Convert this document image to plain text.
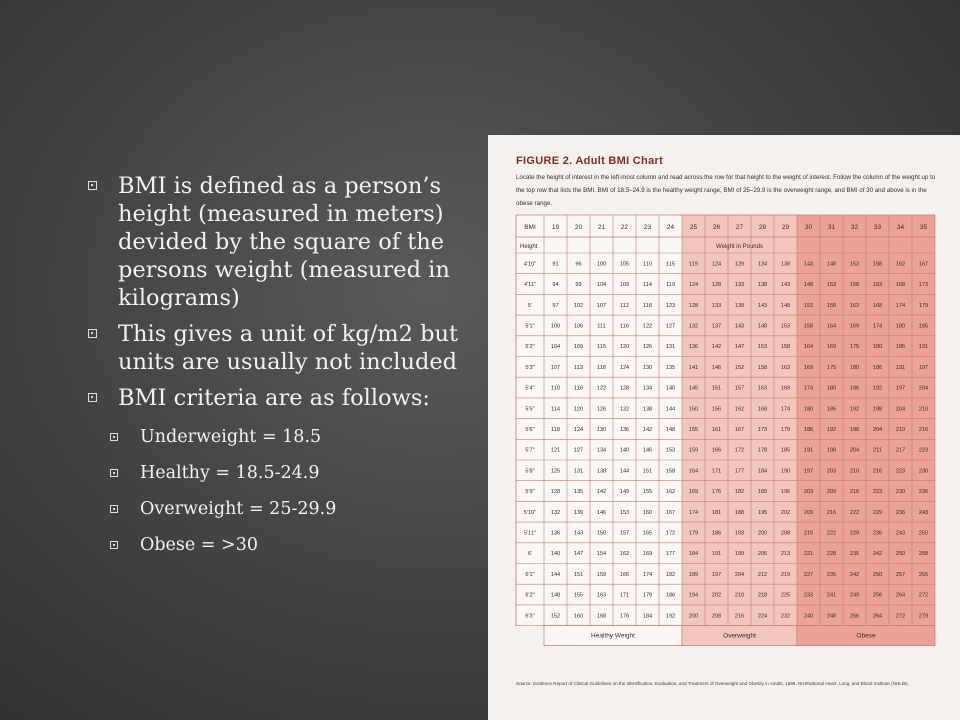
BMI is defined as a person’s height (measured in meters) devided by the square of the persons weight (measured in kilograms)
This gives a unit of kg/m2 but units are usually not included
BMI criteria are as follows:
Underweight = 18.5
Healthy = 18.5-24.9
Overweight = 25-29.9
Obese = >30
FIGURE 2. Adult BMI Chart
Locate the height of interest in the left-most column and read across the row for that height to the weight of interest. Follow the column of the weight up to the top row that lists the BMI. BMI of 18.5–24.9 is the healthy weight range, BMI of 25–29.9 is the overweight range, and BMI of 30 and above is in the obese range.
BMI 19 20 21 22 23 24 25 26 27 28 29 30 31 32 33 34 35
Height	Weight in Pounds
4'10"	91	96	100 105 110	115	119 124 129 134 138 143 148 153 158 162 167
4'11"	94	99	104 109 114	119 124 128 133 138 143 148 153 158 163 168 173
5'	97	102 107 112	118 123 128 133 138 143 148 153 158 163 168 174 179
5'1"	100 106	111	116 122 127 132 137 143 148 153 158 164 169 174 180 185
5'2"	104 109 115 120 126 131 136 142 147 153 158 164 169 175 180 186 191
5'3"	107 113	118 124 130 135 141 146 152 158 163 169 175 180 186 191 197
5'4"	110	116 122 128 134 140 145 151 157 163 169 174 180 186 192 197 204
5'5"	114 120 126 132 138 144 150 156 162 168 174 180 186 192 198 204 210
5'6"	118 124 130 136 142 148 155 161 167 173 179 186 192 198 204 210 216
5'7"	121 127 134 140 146 153 159 166 172 178 185 191 198 204 211 217 223
5'8"	125 131 138 144 151 158 164 171 177 184 190 197 203 210 216 223 230
5'9"	128 135 142 149 155 162 169 176 182 189 196 203 209 216 223 230 236
5'10"	132 139 146 153 160 167 174 181 188 195 202 209 216 222 229 236 243
5'11"	136 143 150 157 165 172 179 186 193 200 208 215 222 229 236 243 250
6'	140 147 154 162 169 177 184 191 199 206 213 221 228 235 242 250 258
6'1"	144 151 159 166 174 182 189 197 204 212 219 227 235 242 250 257 265
6'2"	148 155 163 171 179 186 194 202 210 218 225 233 241 249 256 264 272
6'3"	152 160 168 176 184 192 200 208 216 224 232 240 248 256 264 272 279
Healthy Weight	Overweight	Obese
Source: Evidence Report of Clinical Guidelines on the Identification, Evaluation, and Treatment of Overweight and Obesity in Adults, 1998. NIH/National Heart, Lung, and Blood Institute (NHLBI).
